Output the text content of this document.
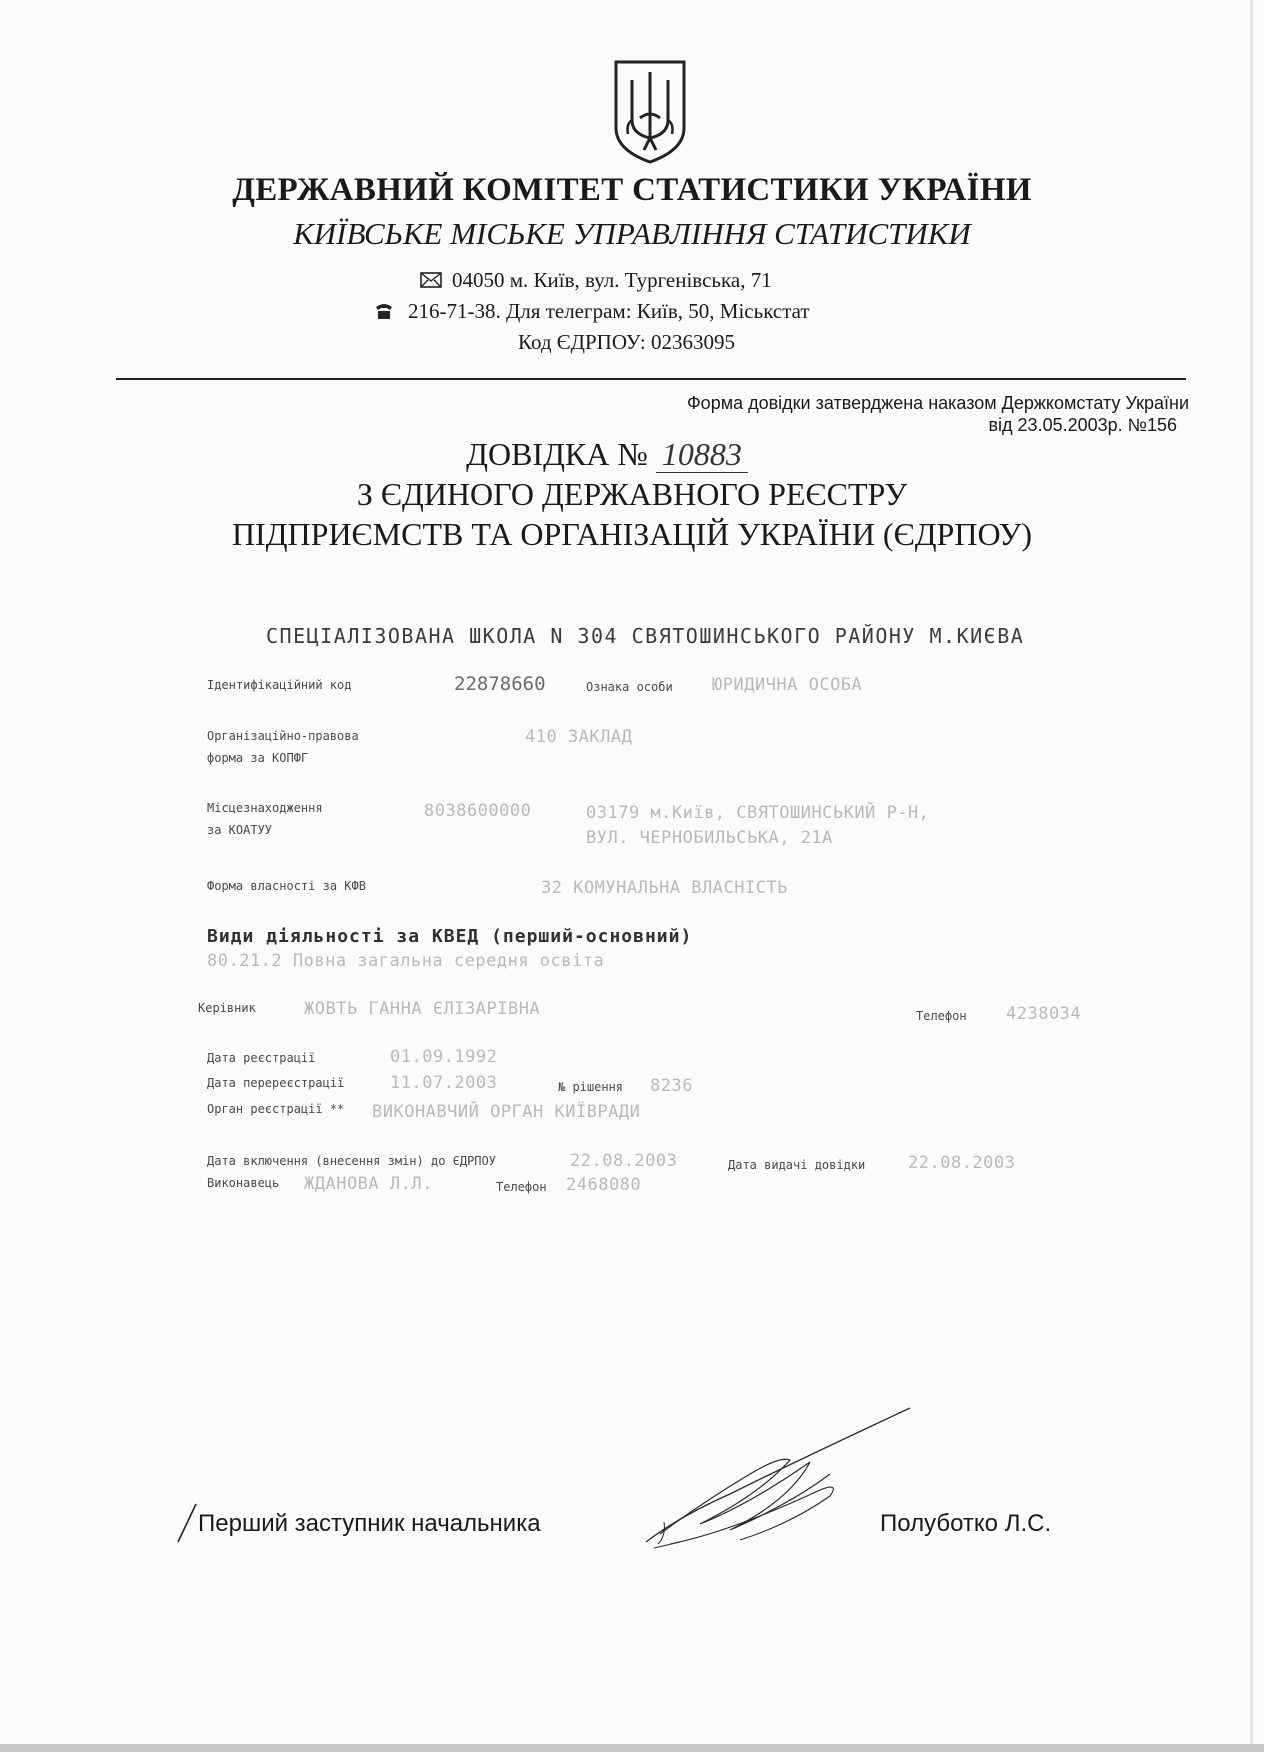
ДЕРЖАВНИЙ КОМІТЕТ СТАТИСТИКИ УКРАЇНИ
КИЇВСЬКЕ МІСЬКЕ УПРАВЛІННЯ СТАТИСТИКИ
04050 м. Київ, вул. Тургенівська, 71
216-71-38. Для телеграм: Київ, 50, Міськстат
Код ЄДРПОУ: 02363095
Форма довідки затверджена наказом Держкомстату України
від 23.05.2003р. №156
ДОВІДКА № 10883
З ЄДИНОГО ДЕРЖАВНОГО РЕЄСТРУ
ПІДПРИЄМСТВ ТА ОРГАНІЗАЦІЙ УКРАЇНИ (ЄДРПОУ)
СПЕЦІАЛІЗОВАНА ШКОЛА N 304 СВЯТОШИНСЬКОГО РАЙОНУ М.КИЄВА
Ідентифікаційний код	22878660	Ознака особи ЮРИДИЧНА ОСОБА
Організаційно-правова
форма за КОПФГ
410 ЗАКЛАД
Місцезнаходження
за КОАТУУ
8038600000	03179 м.Київ, СВЯТОШИНСЬКИЙ Р-Н,
ВУЛ. ЧЕРНОБИЛЬСЬКА, 21А
Форма власності за КФВ	32 КОМУНАЛЬНА ВЛАСНІСТЬ
Види діяльності за КВЕД (перший-основний)
80.21.2 Повна загальна середня освіта
Керівник	ЖОВТЬ ГАННА ЄЛІЗАРІВНА	Телефон 4238034
Дата реєстрації	01.09.1992
Дата перереєстрації	11.07.2003	№ рішення 8236
Орган реєстрації ** ВИКОНАВЧИЙ ОРГАН КИЇВРАДИ
Дата включення (внесення змін) до ЄДРПОУ	22.08.2003	Дата видачі довідки	22.08.2003
Виконавець ЖДАНОВА Л.Л.	Телефон 2468080
Перший заступник начальника	Полуботко Л.С.
